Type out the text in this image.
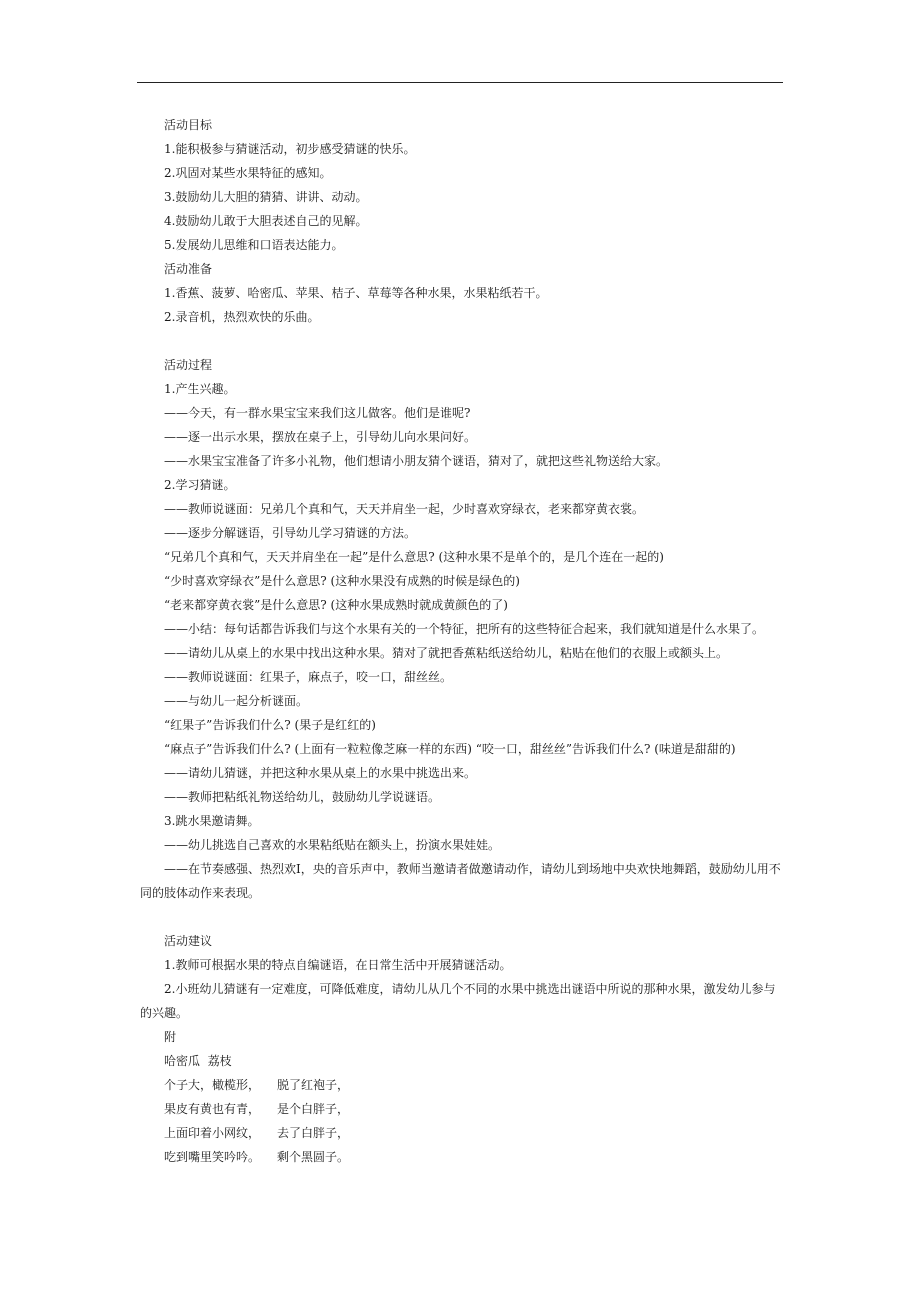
活动目标

1.能积极参与猜谜活动，初步感受猜谜的快乐。

2.巩固对某些水果特征的感知。

3.鼓励幼儿大胆的猜猜、讲讲、动动。

4.鼓励幼儿敢于大胆表述自己的见解。

5.发展幼儿思维和口语表达能力。

活动准备

1.香蕉、菠萝、哈密瓜、苹果、桔子、草莓等各种水果，水果粘纸若干。

2.录音机，热烈欢快的乐曲。

活动过程

1.产生兴趣。

——今天，有一群水果宝宝来我们这儿做客。他们是谁呢?

——逐一出示水果，摆放在桌子上，引导幼儿向水果问好。

——水果宝宝准备了许多小礼物，他们想请小朋友猜个谜语，猜对了，就把这些礼物送给大家。

2.学习猜谜。

——教师说谜面：兄弟几个真和气，天天并肩坐一起，少时喜欢穿绿衣，老来都穿黄衣裳。

——逐步分解谜语，引导幼儿学习猜谜的方法。

“兄弟几个真和气，天天并肩坐在一起”是什么意思? (这种水果不是单个的，是几个连在一起的)

“少时喜欢穿绿衣”是什么意思? (这种水果没有成熟的时候是绿色的)

“老来都穿黄衣裳”是什么意思? (这种水果成熟时就成黄颜色的了)

——小结：每句话都告诉我们与这个水果有关的一个特征，把所有的这些特征合起来，我们就知道是什么水果了。

——请幼儿从桌上的水果中找出这种水果。猜对了就把香蕉粘纸送给幼儿，粘贴在他们的衣服上或额头上。

——教师说谜面：红果子，麻点子，咬一口，甜丝丝。

——与幼儿一起分析谜面。

“红果子”告诉我们什么? (果子是红红的)

“麻点子”告诉我们什么? (上面有一粒粒像芝麻一样的东西) “咬一口，甜丝丝”告诉我们什么? (味道是甜甜的)

——请幼儿猜谜，并把这种水果从桌上的水果中挑选出来。

——教师把粘纸礼物送给幼儿，鼓励幼儿学说谜语。

3.跳水果邀请舞。

——幼儿挑选自己喜欢的水果粘纸贴在额头上，扮演水果娃娃。

——在节奏感强、热烈欢I，央的音乐声中，教师当邀请者做邀请动作，请幼儿到场地中央欢快地舞蹈，鼓励幼儿用不同的肢体动作来表现。

活动建议

1.教师可根据水果的特点自编谜语，在日常生活中开展猜谜活动。

2.小班幼儿猜谜有一定难度，可降低难度，请幼儿从几个不同的水果中挑选出谜语中所说的那种水果，激发幼儿参与的兴趣。

附

哈密瓜  荔枝

个子大，橄榄形， 脱了红袍子，

果皮有黄也有青， 是个白胖子，

上面印着小网纹， 去了白胖子，

吃到嘴里笑吟吟。 剩个黑圆子。
